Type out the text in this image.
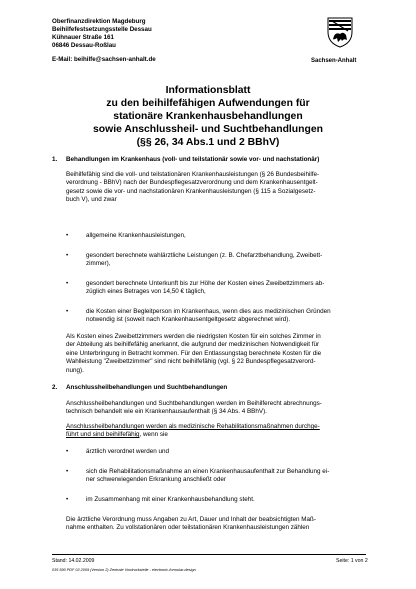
Oberfinanzdirektion Magdeburg
Beihilfefestsetzungsstelle Dessau
Kühnauer Straße 161
06846 Dessau-Roßlau
E-Mail: beihilfe@sachsen-anhalt.de	Sachsen-Anhalt
Informationsblatt
zu den beihilfefähigen Aufwendungen für
stationäre Krankenhausbehandlungen
sowie Anschlussheil- und Suchtbehandlungen
(§§ 26, 34 Abs.1 und 2 BBhV)
1. Behandlungen im Krankenhaus (voll- und teilstationär sowie vor- und nachstationär)
Beihilfefähig sind die voll- und teilstationären Krankenhausleistungen (§ 26 Bundesbeihilfe-
verordnung - BBhV) nach der Bundespflegesatzverordnung und dem Krankenhausentgelt-
gesetz sowie die vor- und nachstationären Krankenhausleistungen (§ 115 a Sozialgesetz-
buch V), und zwar
•	allgemeine Krankenhausleistungen,
•	gesondert berechnete wahlärztliche Leistungen (z. B. Chefarztbehandlung, Zweibett-
zimmer),
•	gesondert berechnete Unterkunft bis zur Höhe der Kosten eines Zweibettzimmers ab-
züglich eines Betrages von 14,50 € täglich,
•	die Kosten einer Begleitperson im Krankenhaus, wenn dies aus medizinischen Gründen
notwendig ist (soweit nach Krankenhausentgeltgesetz abgerechnet wird).
Als Kosten eines Zweibettzimmers werden die niedrigsten Kosten für ein solches Zimmer in
der Abteilung als beihilfefähig anerkannt, die aufgrund der medizinischen Notwendigkeit für
eine Unterbringung in Betracht kommen. Für den Entlassungstag berechnete Kosten für die
Wahlleistung "Zweibettzimmer" sind nicht beihilfefähig (vgl. § 22 Bundespflegesatzverord-
nung).
2. Anschlussheilbehandlungen und Suchtbehandlungen
Anschlussheilbehandlungen und Suchtbehandlungen werden im Beihilferecht abrechnungs-
technisch behandelt wie ein Krankenhausaufenthalt (§ 34 Abs. 4 BBhV).
Anschlussheilbehandlungen werden als medizinische Rehabilitationsmaßnahmen durchge-
führt und sind beihilfefähig, wenn sie
•	ärztlich verordnet werden und
•	sich die Rehabilitationsmaßnahme an einen Krankenhausaufenthalt zur Behandlung ei-
ner schwerwiegenden Erkrankung anschließt oder
•	im Zusammenhang mit einer Krankenhausbehandlung steht.
Die ärztliche Verordnung muss Angaben zu Art, Dauer und Inhalt der beabsichtigten Maß-
nahme enthalten. Zu vollstationären oder teilstationären Krankenhausleistungen zählen
Stand: 14.02.2009	Seite: 1 von 2
035 590 PDF 02.2009 (Version 2) Zentrale Vordruckstelle - electronic-formular-design
